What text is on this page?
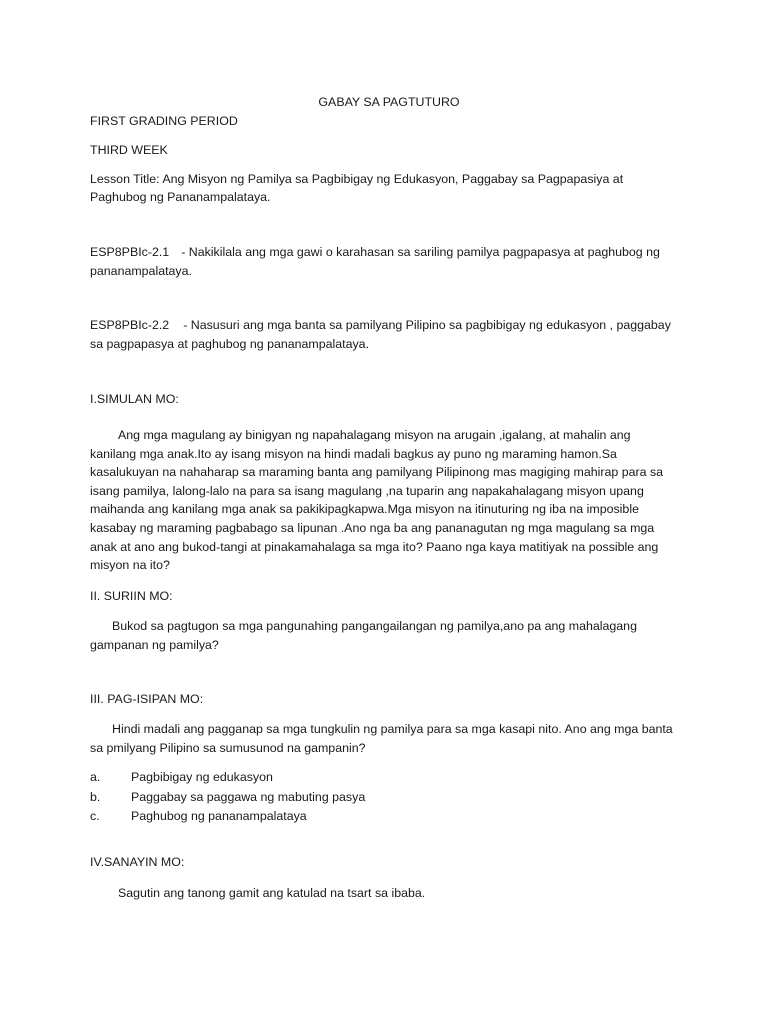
GABAY SA PAGTUTURO

FIRST GRADING PERIOD

THIRD WEEK

Lesson Title: Ang Misyon ng Pamilya sa Pagbibigay ng Edukasyon, Paggabay sa Pagpapasiya at Paghubog ng Pananampalataya.

ESP8PBIc-2.1 - Nakikilala ang mga gawi o karahasan sa sariling pamilya pagpapasya at paghubog ng pananampalataya.

ESP8PBIc-2.2 - Nasusuri ang mga banta sa pamilyang Pilipino sa pagbibigay ng edukasyon , paggabay sa pagpapasya at paghubog ng pananampalataya.

I.SIMULAN MO:

Ang mga magulang ay binigyan ng napahalagang misyon na arugain ,igalang, at mahalin ang kanilang mga anak.Ito ay isang misyon na hindi madali bagkus ay puno ng maraming hamon.Sa kasalukuyan na nahaharap sa maraming banta ang pamilyang Pilipinong mas magiging mahirap para sa isang pamilya, lalong-lalo na para sa isang magulang ,na tuparin ang napakahalagang misyon upang maihanda ang kanilang mga anak sa pakikipagkapwa.Mga misyon na itinuturing ng iba na imposible kasabay ng maraming pagbabago sa lipunan .Ano nga ba ang pananagutan ng mga magulang sa mga anak at ano ang bukod-tangi at pinakamahalaga sa mga ito? Paano nga kaya matitiyak na possible ang misyon na ito?

II. SURIIN MO:

Bukod sa pagtugon sa mga pangunahing pangangailangan ng pamilya,ano pa ang mahalagang gampanan ng pamilya?

III. PAG-ISIPAN MO:

Hindi madali ang pagganap sa mga tungkulin ng pamilya para sa mga kasapi nito. Ano ang mga banta sa pmilyang Pilipino sa sumusunod na gampanin?

a. Pagbibigay ng edukasyon
b. Paggabay sa paggawa ng mabuting pasya
c.	Paghubog ng pananampalataya

IV.SANAYIN MO:

Sagutin ang tanong gamit ang katulad na tsart sa ibaba.
